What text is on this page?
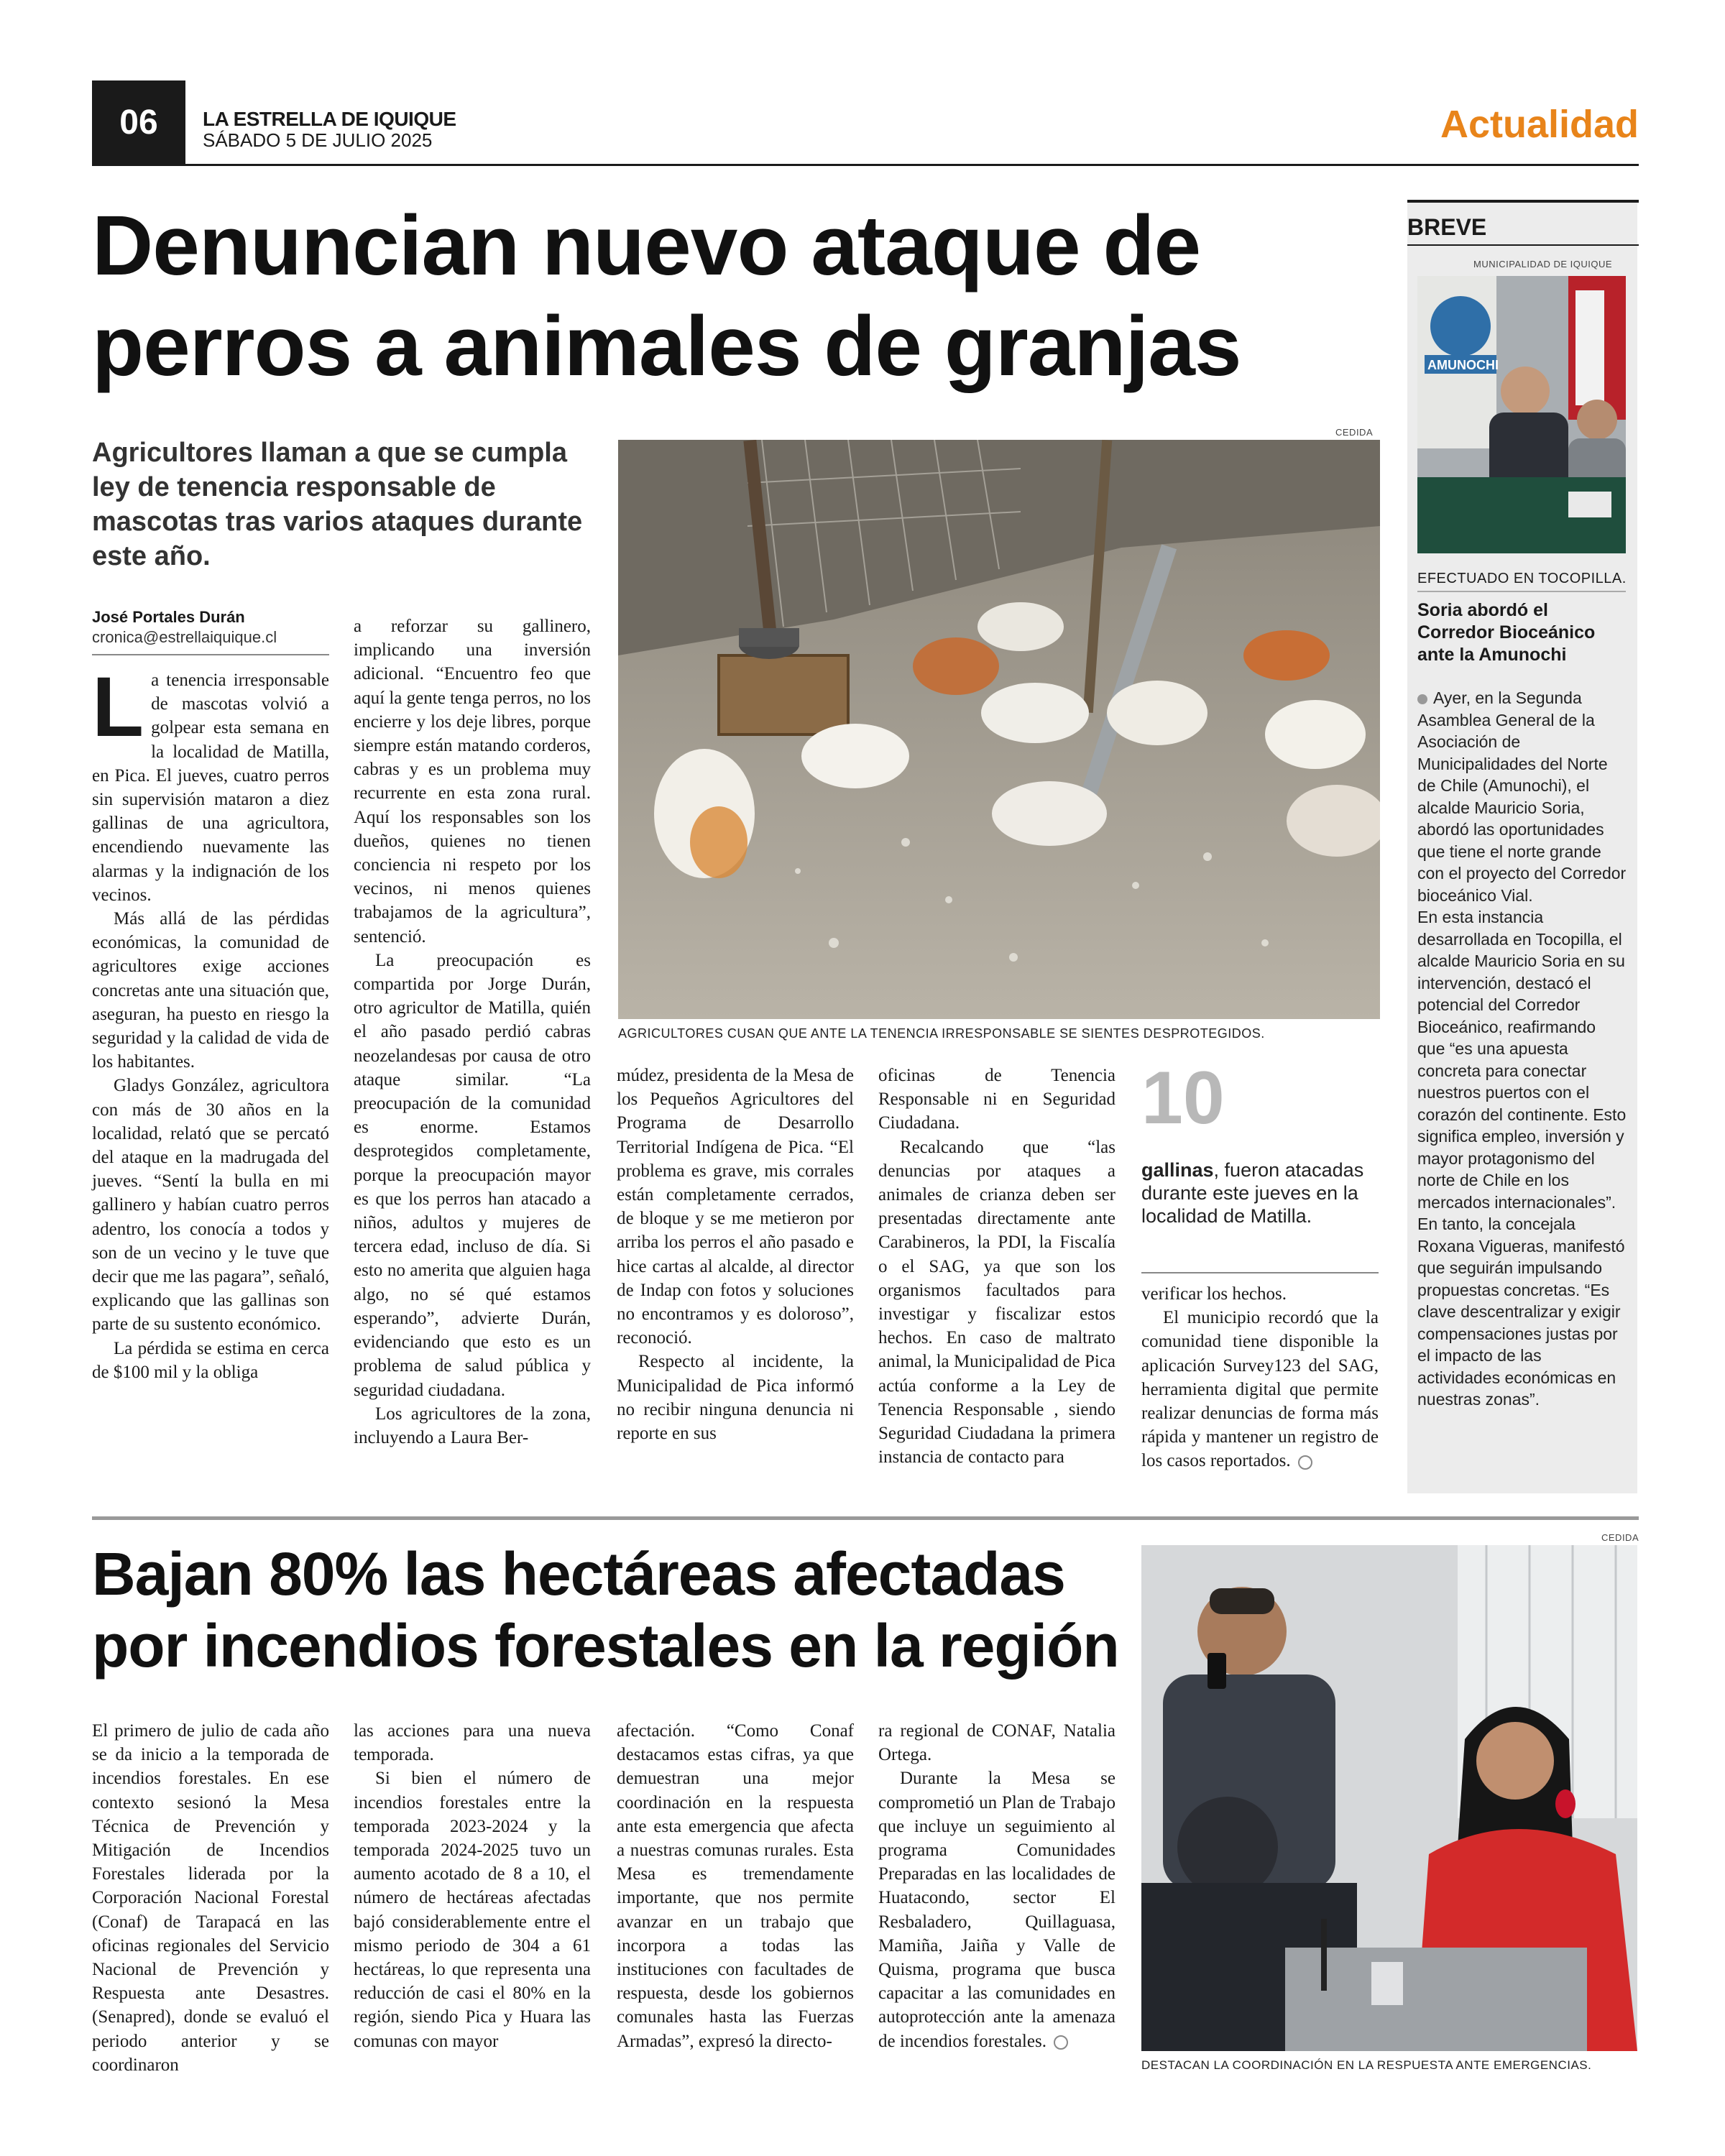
06 LA ESTRELLA DE IQUIQUE
SÁBADO 5 DE JULIO 2025	Actualidad
Denuncian nuevo ataque de
perros a animales de granjas
Agricultores llaman a que se cumpla ley de tenencia responsable de mascotas tras varios ataques durante este año.
José Portales Durán
cronica@estrellaiquique.cl

La tenencia irresponsable de mascotas volvió a golpear esta semana en la localidad de Matilla, en Pica. El jueves, cuatro perros sin supervisión mataron a diez gallinas de una agricultora, encendiendo nuevamente las alarmas y la indignación de los vecinos.

Más allá de las pérdidas económicas, la comunidad de agricultores exige acciones concretas ante una situación que, aseguran, ha puesto en riesgo la seguridad y la calidad de vida de los habitantes.

Gladys González, agricultora con más de 30 años en la localidad, relató que se percató del ataque en la madrugada del jueves. “Sentí la bulla en mi gallinero y habían cuatro perros adentro, los conocía a todos y son de un vecino y le tuve que decir que me las pagara”, señaló, explicando que las gallinas son parte de su sustento económico.

La pérdida se estima en cerca de $100 mil y la obliga

a reforzar su gallinero, implicando una inversión adicional. “Encuentro feo que aquí la gente tenga perros, no los encierre y los deje libres, porque siempre están matando corderos, cabras y es un problema muy recurrente en esta zona rural. Aquí los responsables son los dueños, quienes no tienen conciencia ni respeto por los vecinos, ni menos quienes trabajamos de la agricultura”, sentenció.

La preocupación es compartida por Jorge Durán, otro agricultor de Matilla, quién el año pasado perdió cabras neozelandesas por causa de otro ataque similar. “La preocupación de la comunidad es enorme. Estamos desprotegidos completamente, porque la preocupación mayor es que los perros han atacado a niños, adultos y mujeres de tercera edad, incluso de día. Si esto no amerita que alguien haga algo, no sé qué estamos esperando”, advierte Durán, evidenciando que esto es un problema de salud pública y seguridad ciudadana.

Los agricultores de la zona, incluyendo a Laura Ber-

CEDIDA
AGRICULTORES CUSAN QUE ANTE LA TENENCIA IRRESPONSABLE SE SIENTES DESPROTEGIDOS.

múdez, presidenta de la Mesa de los Pequeños Agricultores del Programa de Desarrollo Territorial Indígena de Pica. “El problema es grave, mis corrales están completamente cerrados, de bloque y se me metieron por arriba los perros el año pasado e hice cartas al alcalde, al director de Indap con fotos y soluciones no encontramos y es doloroso”, reconoció.

Respecto al incidente, la Municipalidad de Pica informó no recibir ninguna denuncia ni reporte en sus

oficinas de Tenencia Responsable ni en Seguridad Ciudadana.

Recalcando que “las denuncias por ataques a animales de crianza deben ser presentadas directamente ante Carabineros, la PDI, la Fiscalía o el SAG, ya que son los organismos facultados para investigar y fiscalizar estos hechos. En caso de maltrato animal, la Municipalidad de Pica actúa conforme a la Ley de Tenencia Responsable , siendo Seguridad Ciudadana la primera instancia de contacto para

10
gallinas, fueron atacadas durante este jueves en la localidad de Matilla.

verificar los hechos.

El municipio recordó que la comunidad tiene disponible la aplicación Survey123 del SAG, herramienta digital que permite realizar denuncias de forma más rápida y mantener un registro de los casos reportados.

BREVE
MUNICIPALIDAD DE IQUIQUE
AMUNOCHI
EFECTUADO EN TOCOPILLA.
Soria abordó el Corredor Bioceánico ante la Amunochi

Ayer, en la Segunda Asamblea General de la Asociación de Municipalidades del Norte de Chile (Amunochi), el alcalde Mauricio Soria, abordó las oportunidades que tiene el norte grande con el proyecto del Corredor bioceánico Vial.

En esta instancia desarrollada en Tocopilla, el alcalde Mauricio Soria en su intervención, destacó el potencial del Corredor Bioceánico, reafirmando que “es una apuesta concreta para conectar nuestros puertos con el corazón del continente. Esto significa empleo, inversión y mayor protagonismo del norte de Chile en los mercados internacionales”.

En tanto, la concejala Roxana Vigueras, manifestó que seguirán impulsando propuestas concretas. “Es clave descentralizar y exigir compensaciones justas por el impacto de las actividades económicas en nuestras zonas”.

Bajan 80% las hectáreas afectadas
por incendios forestales en la región

El primero de julio de cada año se da inicio a la temporada de incendios forestales. En ese contexto sesionó la Mesa Técnica de Prevención y Mitigación de Incendios Forestales liderada por la Corporación Nacional Forestal (Conaf) de Tarapacá en las oficinas regionales del Servicio Nacional de Prevención y Respuesta ante Desastres. (Senapred), donde se evaluó el periodo anterior y se coordinaron

las acciones para una nueva temporada.

Si bien el número de incendios forestales entre la temporada 2023-2024 y la temporada 2024-2025 tuvo un aumento acotado de 8 a 10, el número de hectáreas afectadas bajó considerablemente entre el mismo periodo de 304 a 61 hectáreas, lo que representa una reducción de casi el 80% en la región, siendo Pica y Huara las comunas con mayor

afectación. “Como Conaf destacamos estas cifras, ya que demuestran una mejor coordinación en la respuesta ante esta emergencia que afecta a nuestras comunas rurales. Esta Mesa es tremendamente importante, que nos permite avanzar en un trabajo que incorpora a todas las instituciones con facultades de respuesta, desde los gobiernos comunales hasta las Fuerzas Armadas”, expresó la directo-

ra regional de CONAF, Natalia Ortega.

Durante la Mesa se comprometió un Plan de Trabajo que incluye un seguimiento al programa Comunidades Preparadas en las localidades de Huatacondo, sector El Resbaladero, Quillaguasa, Mamiña, Jaiña y Valle de Quisma, programa que busca capacitar a las comunidades en autoprotección ante la amenaza de incendios forestales.

CEDIDA
DESTACAN LA COORDINACIÓN EN LA RESPUESTA ANTE EMERGENCIAS.
